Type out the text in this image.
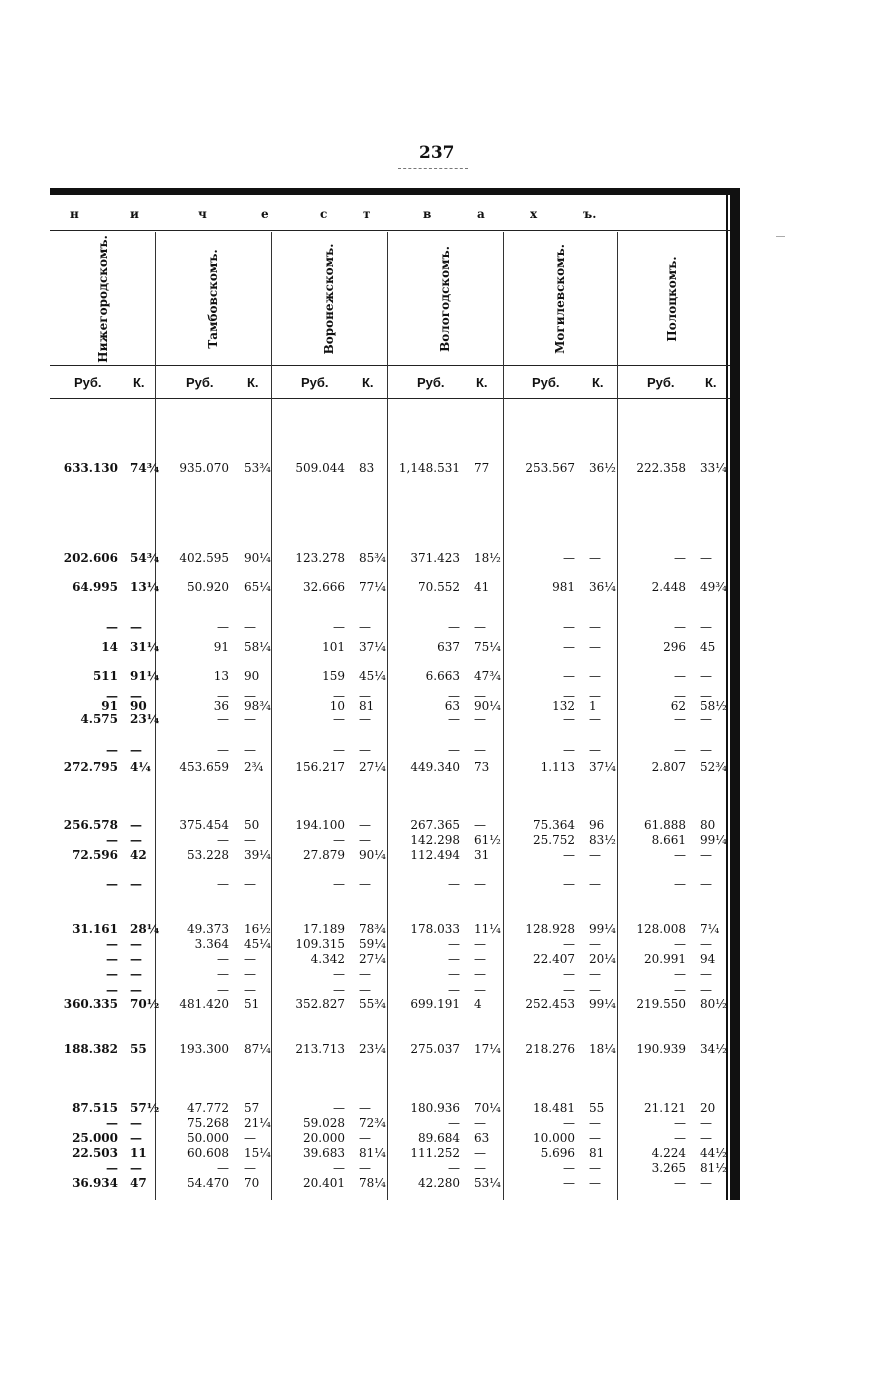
237
н	и	ч	е	с	т	в	а	х	ъ.
Нижегородскомъ.	Тамбовскомъ.	Воронежскомъ.	Вологодскомъ.	Могилевскомъ.	Полоцкомъ.
Руб. К.	Руб.	К.	Руб.	К.	Руб. К.	Руб. К.	Руб. К.
633.130 74¾	935.070 53¾	509.044 83	1,148.531 77	253.567 36½	222.358 33¼
202.606 54¾	402.595 90¼	123.278 85¾	371.423 18½	— —	— —
64.995 13¼	50.920 65¼	32.666 77¼	70.552 41	981 36¼	2.448 49¾
— —	— —	— —	— —	— —	— —
14 31¼	91 58¼	101 37¼	637 75¼	— —	296 45
511 91¼	13 90	159 45¼	6.663 47¾	— —	— —
— —	— —	— —	— —	— —	— —
91 90	36 98¾	10 81	63 90¼	132 1	62 58½
4.575 23¼	— —	— —	— —	— —	— —
— —	— —	— —	— —	— —	— —
272.795 4¼	453.659 2¾	156.217 27¼	449.340 73	1.113 37¼	2.807 52¾
256.578 —	375.454 50	194.100 —	267.365 —	75.364 96	61.888 80
— —	— —	— —	142.298 61½	25.752 83½	8.661 99¼
72.596 42	53.228 39¼	27.879 90¼	112.494 31	— —	— —
— —	— —	— —	— —	— —	— —
31.161 28¼	49.373 16½	17.189 78¾	178.033 11¼	128.928 99¼	128.008 7¼
— —	3.364 45¼	109.315 59¼	— —	— —	— —
— —	— —	4.342 27¼	— —	22.407 20¼	20.991 94
— —	— —	— —	— —	— —	— —
— —	— —	— —	— —	— —	— —
360.335 70½	481.420 51	352.827 55¾	699.191 4	252.453 99¼	219.550 80½
188.382 55	193.300 87¼	213.713 23¼	275.037 17¼	218.276 18¼	190.939 34½
87.515 57½	47.772 57	— —	180.936 70¼	18.481 55	21.121 20
— —	75.268 21¼	59.028 72¾	— —	— —	— —
25.000 —	50.000 —	20.000 —	89.684 63	10.000 —	— —
22.503 11	60.608 15¼	39.683 81¼	111.252 —	5.696 81	4.224 44½
— —	— —	— —	— —	— —	3.265 81½
36.934 47	54.470 70	20.401 78¼	42.280 53¼	— —	— —
